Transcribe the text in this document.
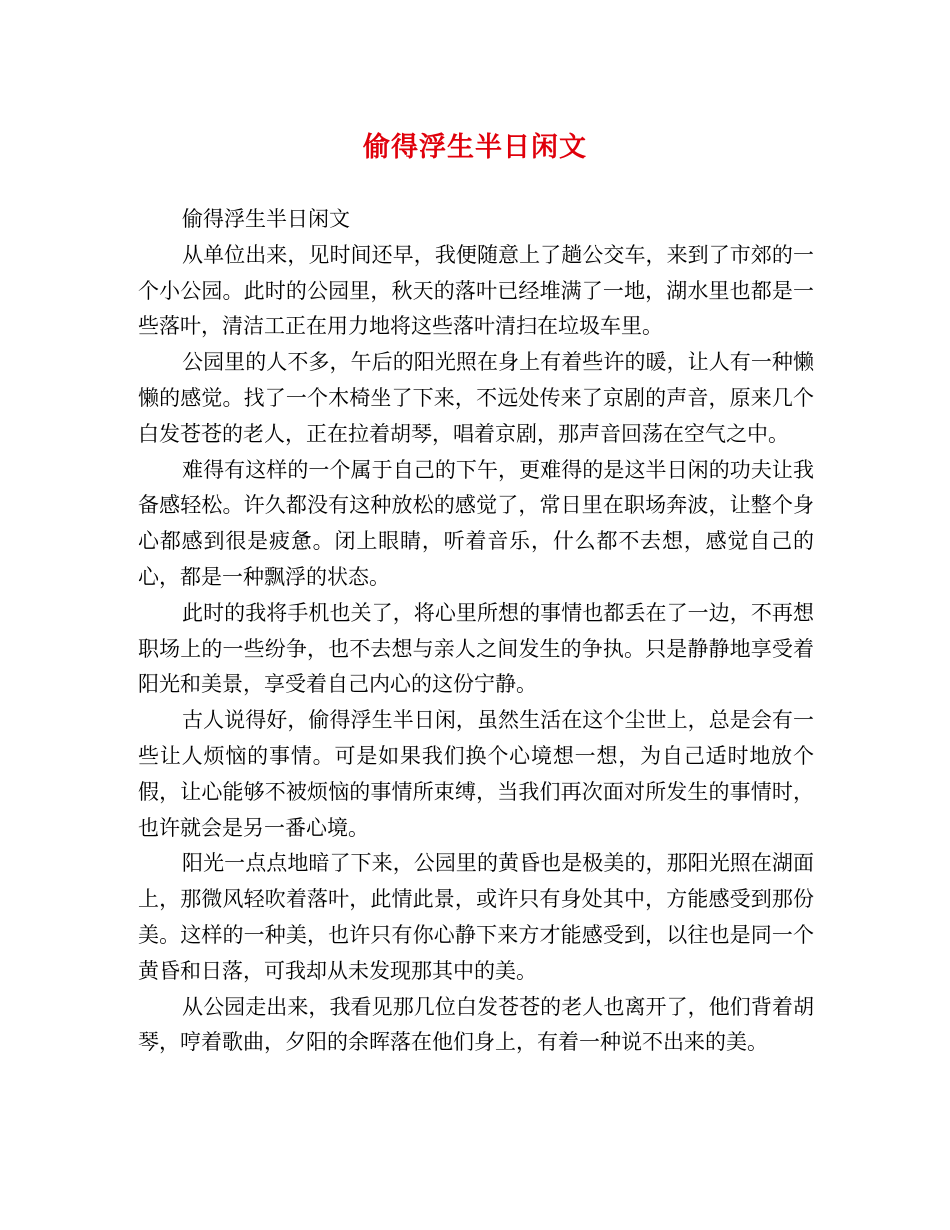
偷得浮生半日闲文

偷得浮生半日闲文

从单位出来，见时间还早，我便随意上了趟公交车，来到了市郊的一个小公园。此时的公园里，秋天的落叶已经堆满了一地，湖水里也都是一些落叶，清洁工正在用力地将这些落叶清扫在垃圾车里。

公园里的人不多，午后的阳光照在身上有着些许的暖，让人有一种懒懒的感觉。找了一个木椅坐了下来，不远处传来了京剧的声音，原来几个白发苍苍的老人，正在拉着胡琴，唱着京剧，那声音回荡在空气之中。

难得有这样的一个属于自己的下午，更难得的是这半日闲的功夫让我备感轻松。许久都没有这种放松的感觉了，常日里在职场奔波，让整个身心都感到很是疲惫。闭上眼睛，听着音乐，什么都不去想，感觉自己的心，都是一种飘浮的状态。

此时的我将手机也关了，将心里所想的事情也都丢在了一边，不再想职场上的一些纷争，也不去想与亲人之间发生的争执。只是静静地享受着阳光和美景，享受着自己内心的这份宁静。

古人说得好，偷得浮生半日闲，虽然生活在这个尘世上，总是会有一些让人烦恼的事情。可是如果我们换个心境想一想，为自己适时地放个假，让心能够不被烦恼的事情所束缚，当我们再次面对所发生的事情时，也许就会是另一番心境。

阳光一点点地暗了下来，公园里的黄昏也是极美的，那阳光照在湖面上，那微风轻吹着落叶，此情此景，或许只有身处其中，方能感受到那份美。这样的一种美，也许只有你心静下来方才能感受到，以往也是同一个黄昏和日落，可我却从未发现那其中的美。

从公园走出来，我看见那几位白发苍苍的老人也离开了，他们背着胡琴，哼着歌曲，夕阳的余晖落在他们身上，有着一种说不出来的美。
